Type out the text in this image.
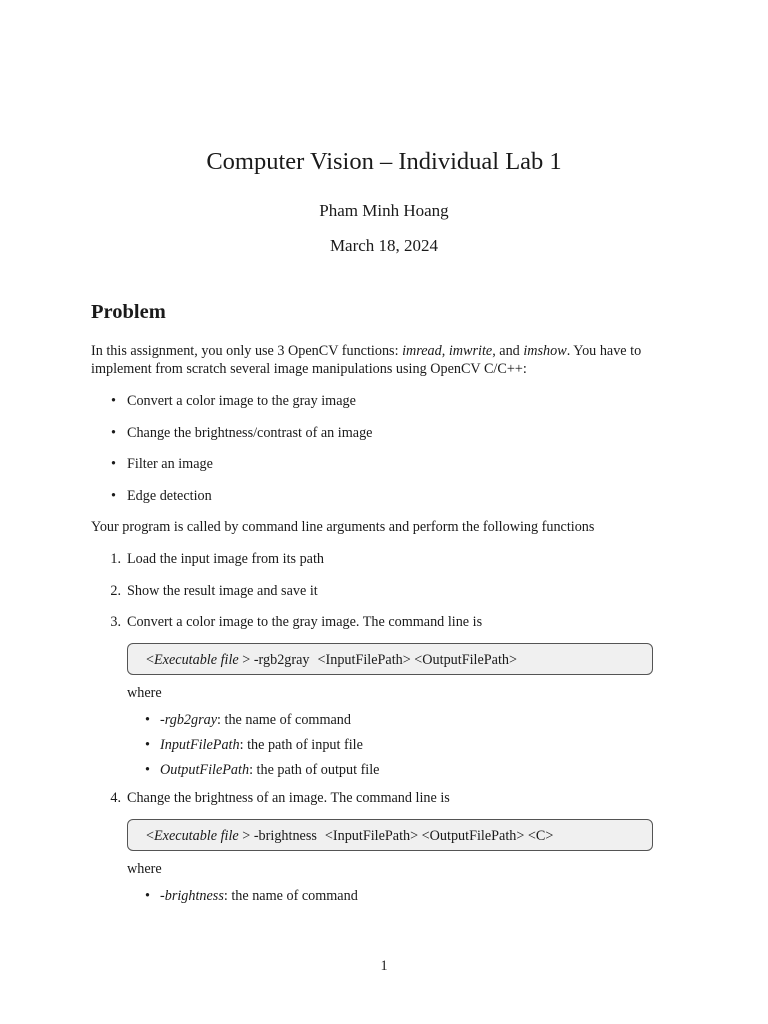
Computer Vision – Individual Lab 1
Pham Minh Hoang
March 18, 2024
Problem

In this assignment, you only use 3 OpenCV functions: imread, imwrite, and imshow. You have to implement from scratch several image manipulations using OpenCV C/C++:

• Convert a color image to the gray image
• Change the brightness/contrast of an image
• Filter an image
• Edge detection

Your program is called by command line arguments and perform the following functions

1. Load the input image from its path
2. Show the result image and save it
3. Convert a color image to the gray image. The command line is
<Executable file > -rgb2gray <InputFilePath> <OutputFilePath>
where
• -rgb2gray: the name of command
• InputFilePath: the path of input file
• OutputFilePath: the path of output file
4. Change the brightness of an image. The command line is
<Executable file > -brightness <InputFilePath> <OutputFilePath> <C>
where
• -brightness: the name of command
1
